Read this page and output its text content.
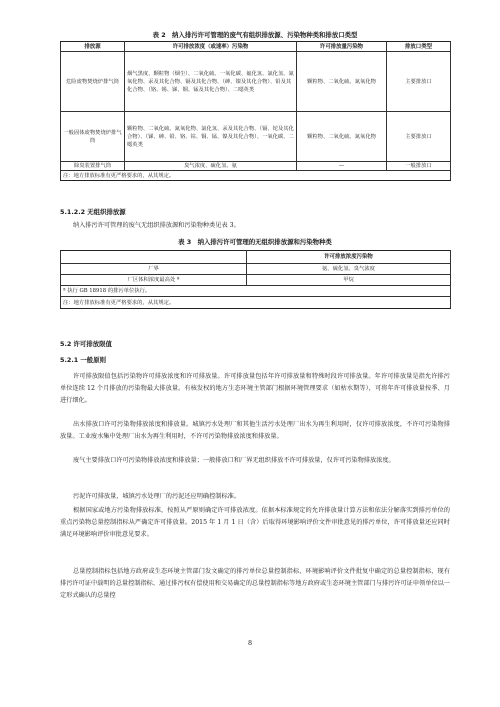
表 2　纳入排污许可管理的废气有组织排放源、污染物种类和排放口类型
排放源	许可排放浓度（或速率）污染物	许可排放量污染物	排放口类型
危险废物焚烧炉排气筒	烟气黑度、颗粒物（烟尘）、二氧化硫、一氧化碳、氟化氢、氯化氢、氮氧化物、汞及其化合物、镉及其化合物、（砷、镍及其化合物）、铅及其化合物、（铬、锡、锑、铜、锰及其化合物）、二噁英类	颗粒物、二氧化硫、氮氧化物	主要排放口
一般固体废物焚烧炉排气筒	颗粒物、二氧化硫、氮氧化物、氯化氢、汞及其化合物、（镉、铊及其化合物）、（锑、砷、铅、铬、钴、铜、锰、镍及其化合物）、一氧化碳、二噁英类	颗粒物、二氧化硫、氮氧化物	主要排放口
除臭装置排气筒	臭气浓度、硫化氢、氨	—	一般排放口
注：地方排放标准有更严格要求的，从其规定。			
5.1.2.2 无组织排放源
纳入排污许可管理的废气无组织排放源和污染物种类见表 3。
表 3　纳入排污许可管理的无组织排放源和污染物种类
	许可排放浓度污染物
厂界	氨、硫化氢、臭气浓度
厂区体积浓度最高处 ª	甲烷
ª 执行 GB 18918 的排污单位执行。	
注：地方排放标准有更严格要求的，从其规定。	
5.2 许可排放限值
5.2.1 一般原则
许可排放限值包括污染物许可排放浓度和许可排放量。许可排放量包括年许可排放量和特殊时段许可排放量。年许可排放量是指允许排污单位连续 12 个月排放的污染物最大排放量。有核发权的地方生态环境主管部门根据环境管理要求（如枯水期等），可将年许可排放量按季、月进行细化。
出水排放口许可污染物排放浓度和排放量。城镇污水处理厂和其他生活污水处理厂出水为再生利用时，仅许可排放浓度，不许可污染物排放量。工业废水集中处理厂出水为再生利用时，不许可污染物排放浓度和排放量。
废气主要排放口许可污染物排放浓度和排放量；一般排放口和厂界无组织排放不许可排放量，仅许可污染物排放浓度。
污泥许可排放量，城镇污水处理厂的污泥还应明确控制标准。
根据国家或地方污染物排放标准，按照从严原则确定许可排放浓度。依据本标准规定的允许排放量计算方法和依法分解落实到排污单位的重点污染物总量控制指标从严确定许可排放量。2015 年 1 月 1 日（含）后取得环境影响评价文件审批意见的排污单位，许可排放量还应同时满足环境影响评价审批意见要求。
总量控制指标包括地方政府或生态环境主管部门发文确定的排污单位总量控制指标、环境影响评价文件批复中确定的总量控制指标、现有排污许可证中载明的总量控制指标、通过排污权有偿使用和交易确定的总量控制指标等地方政府或生态环境主管部门与排污许可证申领单位以一定形式确认的总量控
8
